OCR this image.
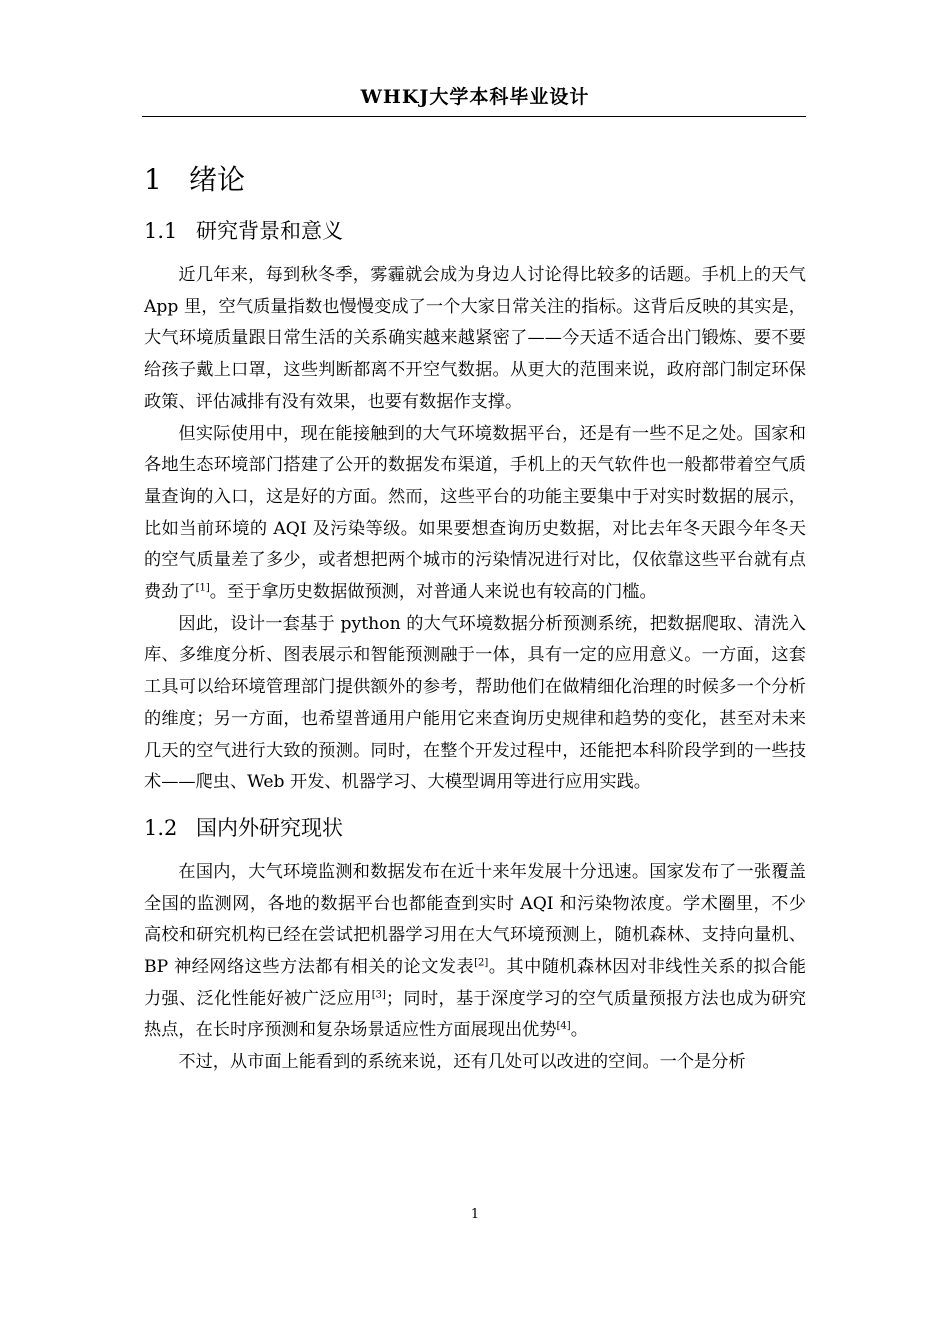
WHKJ大学本科毕业设计
1 绪论
1.1 研究背景和意义

近几年来，每到秋冬季，雾霾就会成为身边人讨论得比较多的话题。手机上的天气 App 里，空气质量指数也慢慢变成了一个大家日常关注的指标。这背后反映的其实是，大气环境质量跟日常生活的关系确实越来越紧密了——今天适不适合出门锻炼、要不要给孩子戴上口罩，这些判断都离不开空气数据。从更大的范围来说，政府部门制定环保政策、评估减排有没有效果，也要有数据作支撑。

但实际使用中，现在能接触到的大气环境数据平台，还是有一些不足之处。国家和各地生态环境部门搭建了公开的数据发布渠道，手机上的天气软件也一般都带着空气质量查询的入口，这是好的方面。然而，这些平台的功能主要集中于对实时数据的展示，比如当前环境的 AQI 及污染等级。如果要想查询历史数据，对比去年冬天跟今年冬天的空气质量差了多少，或者想把两个城市的污染情况进行对比，仅依靠这些平台就有点费劲了[1]。至于拿历史数据做预测，对普通人来说也有较高的门槛。

因此，设计一套基于 python 的大气环境数据分析预测系统，把数据爬取、清洗入库、多维度分析、图表展示和智能预测融于一体，具有一定的应用意义。一方面，这套工具可以给环境管理部门提供额外的参考，帮助他们在做精细化治理的时候多一个分析的维度；另一方面，也希望普通用户能用它来查询历史规律和趋势的变化，甚至对未来几天的空气进行大致的预测。同时，在整个开发过程中，还能把本科阶段学到的一些技术——爬虫、Web 开发、机器学习、大模型调用等进行应用实践。

1.2 国内外研究现状

在国内，大气环境监测和数据发布在近十来年发展十分迅速。国家发布了一张覆盖全国的监测网，各地的数据平台也都能查到实时 AQI 和污染物浓度。学术圈里，不少高校和研究机构已经在尝试把机器学习用在大气环境预测上，随机森林、支持向量机、BP 神经网络这些方法都有相关的论文发表[2]。其中随机森林因对非线性关系的拟合能力强、泛化性能好被广泛应用[3]；同时，基于深度学习的空气质量预报方法也成为研究热点，在长时序预测和复杂场景适应性方面展现出优势[4]。

不过，从市面上能看到的系统来说，还有几处可以改进的空间。一个是分析

1
